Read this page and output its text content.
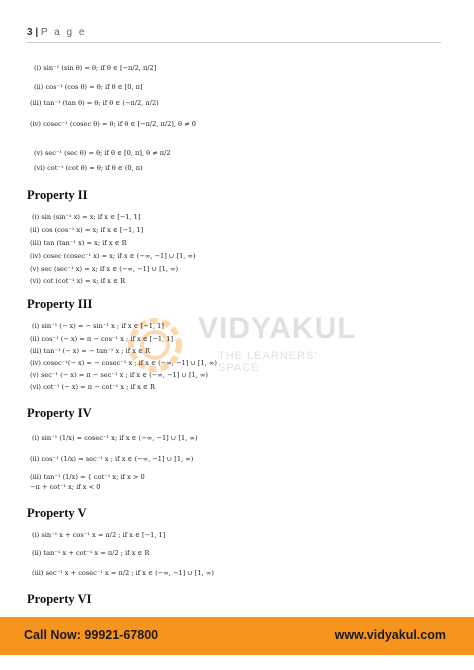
3 | P a g e
(i) sin⁻¹ (sin θ) = θ; if θ ∈ [−π/2, π/2]
(ii) cos⁻¹ (cos θ) = θ; if θ ∈ [0, π]
(iii) tan⁻¹ (tan θ) = θ; if θ ∈ (−π/2, π/2)
(iv) cosec⁻¹ (cosec θ) = θ; if θ ∈ [−π/2, π/2], θ ≠ 0
(v) sec⁻¹ (sec θ) = θ; if θ ∈ [0, π], θ ≠ π/2
(vi) cot⁻¹ (cot θ) = θ; if θ ∈ (0, π)
Property II
(i) sin (sin⁻¹ x) = x; if x ∈ [−1, 1]
(ii) cos (cos⁻¹ x) = x; if x ∈ [−1, 1]
(iii) tan (tan⁻¹ x) = x; if x ∈ R
(iv) cosec (cosec⁻¹ x) = x; if x ∈ (−∞, −1] ∪ [1, ∞)
(v) sec (sec⁻¹ x) = x; if x ∈ (−∞, −1] ∪ [1, ∞)
(vi) cot (cot⁻¹ x) = x; if x ∈ R
VIDYAKUL
THE LEARNERS' SPACE
Property III
(i) sin⁻¹ (− x) = − sin⁻¹ x ; if x ∈ [−1, 1]
(ii) cos⁻¹ (− x) = π − cos⁻¹ x ; if x ∈ [−1, 1]
(iii) tan⁻¹ (− x) = − tan⁻¹ x ; if x ∈ R
(iv) cosec⁻¹(− x) = − cosec⁻¹ x ; if x ∈ (−∞, −1] ∪ [1, ∞)
(v) sec⁻¹ (− x) = π − sec⁻¹ x ; if x ∈ (−∞, −1] ∪ [1, ∞)
(vi) cot⁻¹ (− x) = π − cot⁻¹ x ; if x ∈ R
Property IV
(i) sin⁻¹ (1/x) = cosec⁻¹ x; if x ∈ (−∞, −1] ∪ [1, ∞)
(ii) cos⁻¹ (1/x) = sec⁻¹ x ; if x ∈ (−∞, −1] ∪ [1, ∞)
(iii) tan⁻¹ (1/x) = { cot⁻¹ x; if x > 0
−π + cot⁻¹ x; if x < 0
Property V
(i) sin⁻¹ x + cos⁻¹ x = π/2 ; if x ∈ [−1, 1]
(ii) tan⁻¹ x + cot⁻¹ x = π/2 ; if x ∈ R
(iii) sec⁻¹ x + cosec⁻¹ x = π/2 ; if x ∈ (−∞, −1] ∪ [1, ∞)
Property VI
Call Now: 99921-67800	www.vidyakul.com
